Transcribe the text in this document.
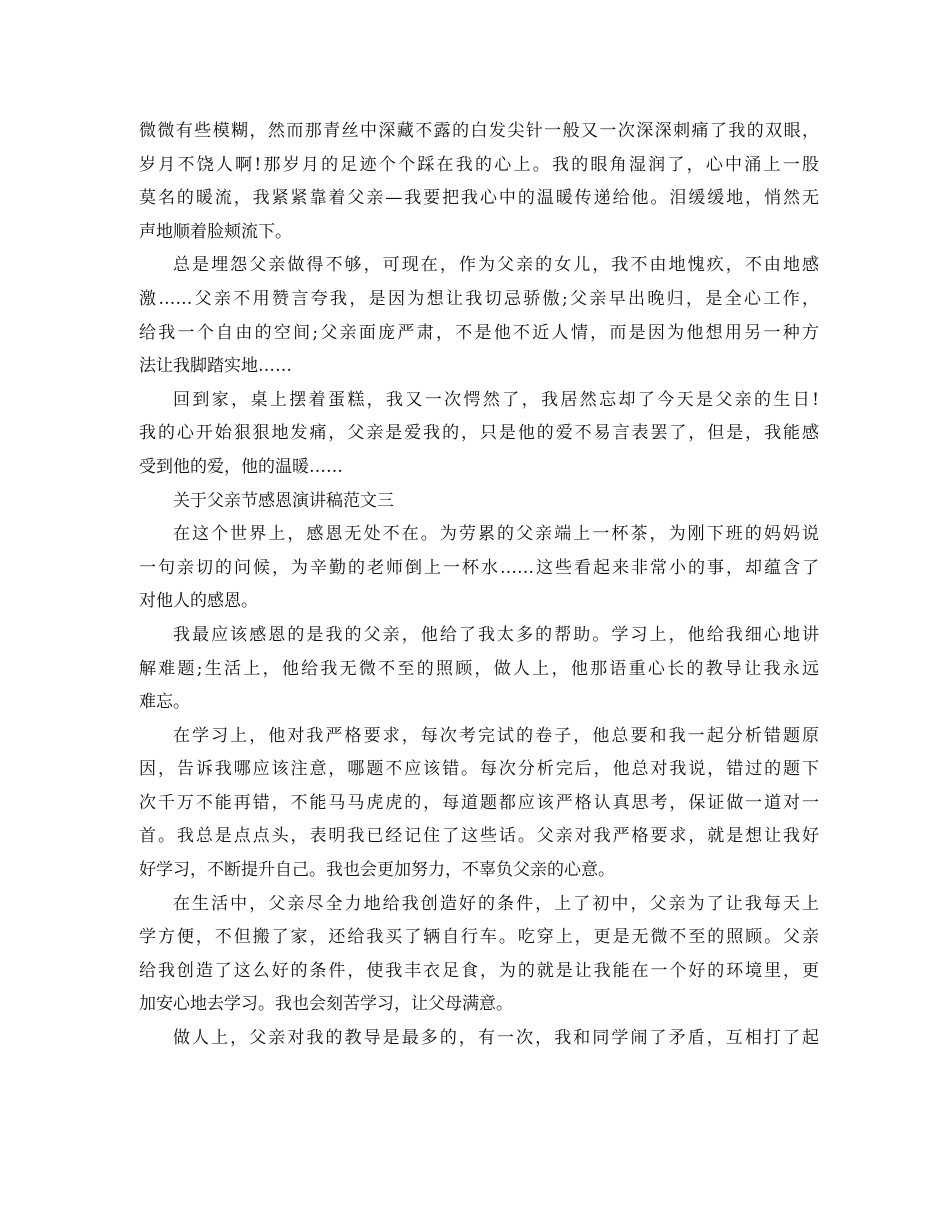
微微有些模糊，然而那青丝中深藏不露的白发尖针一般又一次深深刺痛了我的双眼，
岁月不饶人啊!那岁月的足迹个个踩在我的心上。我的眼角湿润了，心中涌上一股
莫名的暖流，我紧紧靠着父亲—我要把我心中的温暖传递给他。泪缓缓地，悄然无
声地顺着脸颊流下。
总是埋怨父亲做得不够，可现在，作为父亲的女儿，我不由地愧疚，不由地感
激……父亲不用赞言夸我，是因为想让我切忌骄傲;父亲早出晚归，是全心工作，
给我一个自由的空间;父亲面庞严肃，不是他不近人情，而是因为他想用另一种方
法让我脚踏实地……
回到家，桌上摆着蛋糕，我又一次愕然了，我居然忘却了今天是父亲的生日!
我的心开始狠狠地发痛，父亲是爱我的，只是他的爱不易言表罢了，但是，我能感
受到他的爱，他的温暖……
关于父亲节感恩演讲稿范文三
在这个世界上，感恩无处不在。为劳累的父亲端上一杯茶，为刚下班的妈妈说
一句亲切的问候，为辛勤的老师倒上一杯水……这些看起来非常小的事，却蕴含了
对他人的感恩。
我最应该感恩的是我的父亲，他给了我太多的帮助。学习上，他给我细心地讲
解难题;生活上，他给我无微不至的照顾，做人上，他那语重心长的教导让我永远
难忘。
在学习上，他对我严格要求，每次考完试的卷子，他总要和我一起分析错题原
因，告诉我哪应该注意，哪题不应该错。每次分析完后，他总对我说，错过的题下
次千万不能再错，不能马马虎虎的，每道题都应该严格认真思考，保证做一道对一
首。我总是点点头，表明我已经记住了这些话。父亲对我严格要求，就是想让我好
好学习，不断提升自己。我也会更加努力，不辜负父亲的心意。
在生活中，父亲尽全力地给我创造好的条件，上了初中，父亲为了让我每天上
学方便，不但搬了家，还给我买了辆自行车。吃穿上，更是无微不至的照顾。父亲
给我创造了这么好的条件，使我丰衣足食，为的就是让我能在一个好的环境里，更
加安心地去学习。我也会刻苦学习，让父母满意。
做人上，父亲对我的教导是最多的，有一次，我和同学闹了矛盾，互相打了起
